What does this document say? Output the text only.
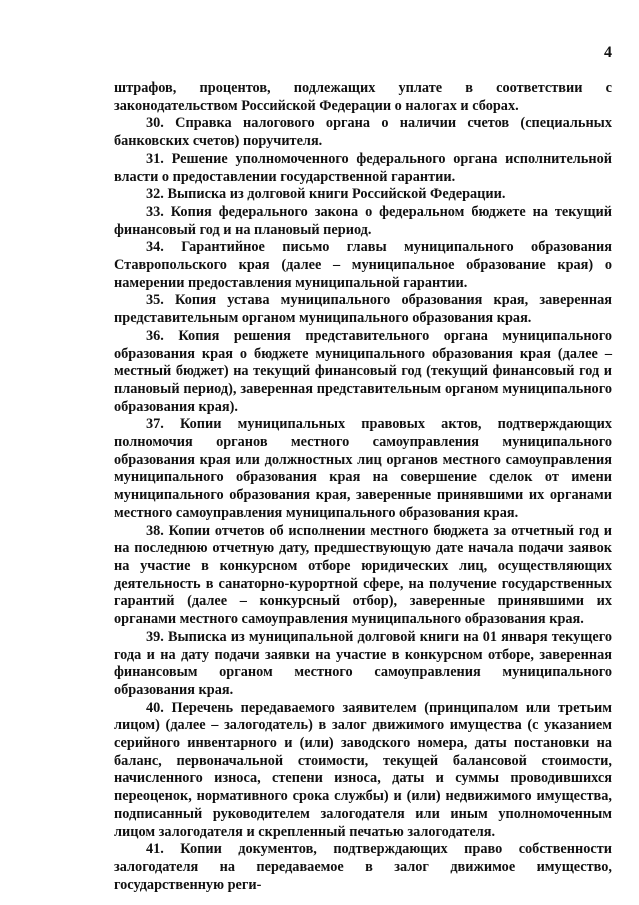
4

штрафов, процентов, подлежащих уплате в соответствии с законодательством Российской Федерации о налогах и сборах.

30. Справка налогового органа о наличии счетов (специальных банковских счетов) поручителя.

31. Решение уполномоченного федерального органа исполнительной власти о предоставлении государственной гарантии.

32. Выписка из долговой книги Российской Федерации.

33. Копия федерального закона о федеральном бюджете на текущий финансовый год и на плановый период.

34. Гарантийное письмо главы муниципального образования Ставропольского края (далее – муниципальное образование края) о намерении предоставления муниципальной гарантии.

35. Копия устава муниципального образования края, заверенная представительным органом муниципального образования края.

36. Копия решения представительного органа муниципального образования края о бюджете муниципального образования края (далее – местный бюджет) на текущий финансовый год (текущий финансовый год и плановый период), заверенная представительным органом муниципального образования края).

37. Копии муниципальных правовых актов, подтверждающих полномочия органов местного самоуправления муниципального образования края или должностных лиц органов местного самоуправления муниципального образования края на совершение сделок от имени муниципального образования края, заверенные принявшими их органами местного самоуправления муниципального образования края.

38. Копии отчетов об исполнении местного бюджета за отчетный год и на последнюю отчетную дату, предшествующую дате начала подачи заявок на участие в конкурсном отборе юридических лиц, осуществляющих деятельность в санаторно-курортной сфере, на получение государственных гарантий (далее – конкурсный отбор), заверенные принявшими их органами местного самоуправления муниципального образования края.

39. Выписка из муниципальной долговой книги на 01 января текущего года и на дату подачи заявки на участие в конкурсном отборе, заверенная финансовым органом местного самоуправления муниципального образования края.

40. Перечень передаваемого заявителем (принципалом или третьим лицом) (далее – залогодатель) в залог движимого имущества (с указанием серийного инвентарного и (или) заводского номера, даты постановки на баланс, первоначальной стоимости, текущей балансовой стоимости, начисленного износа, степени износа, даты и суммы проводившихся переоценок, нормативного срока службы) и (или) недвижимого имущества, подписанный руководителем залогодателя или иным уполномоченным лицом залогодателя и скрепленный печатью залогодателя.

41. Копии документов, подтверждающих право собственности залогодателя на передаваемое в залог движимое имущество, государственную реги-
